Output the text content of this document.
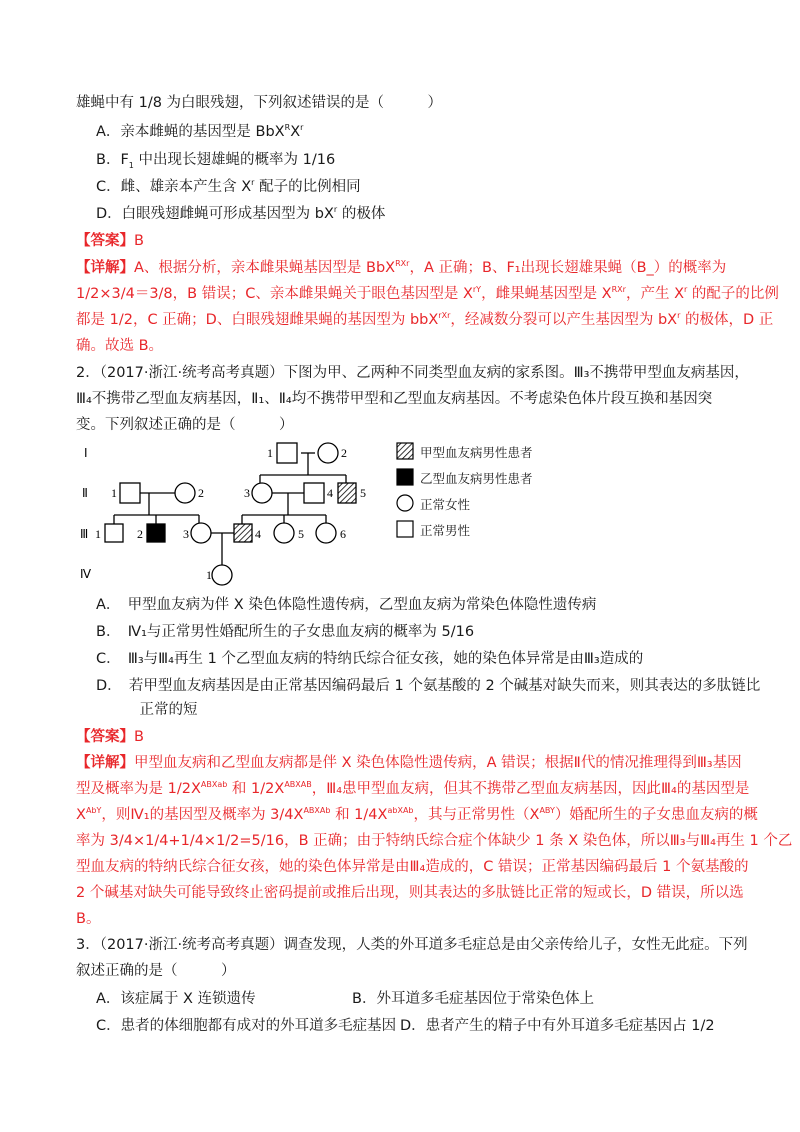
雄蝇中有 1/8 为白眼残翅，下列叙述错误的是（　　　）
A．亲本雌蝇的基因型是 $BbX^RX^r$
B．$F_1$ 中出现长翅雄蝇的概率为 1/16
C．雌、雄亲本产生含 $X^r$ 配子的比例相同
D．白眼残翅雌蝇可形成基因型为 $bX^r$ 的极体
【答案】B
【详解】A、根据分析，亲本雌果蝇基因型是 BbX$^{RXr}$，A 正确；B、F₁出现长翅雄果蝇（B_）的概率为
1/2×3/4＝3/8，B 错误；C、亲本雌果蝇关于眼色基因型是 $X^{rY}$，雌果蝇基因型是 $X^{RXr}$，产生 $X^r$ 的配子的比例
都是 1/2，C 正确；D、白眼残翅雌果蝇的基因型为 bbX$^{rXr}$，经减数分裂可以产生基因型为 $bX^r$ 的极体，D 正
确。故选 B。
2．（2017·浙江·统考高考真题）下图为甲、乙两种不同类型血友病的家系图。Ⅲ₃不携带甲型血友病基因，
Ⅲ₄不携带乙型血友病基因，Ⅱ₁、Ⅱ₄均不携带甲型和乙型血友病基因。不考虑染色体片段互换和基因突
变。下列叙述正确的是（　　　）
Ⅰ
Ⅱ
Ⅲ
Ⅳ
1	2
1	2	3	4 5
1	2	3	4	5	6
1
甲型血友病男性患者
乙型血友病男性患者
正常女性
正常男性
A．　甲型血友病为伴 X 染色体隐性遗传病，乙型血友病为常染色体隐性遗传病
B．　Ⅳ₁与正常男性婚配所生的子女患血友病的概率为 5/16
C．　Ⅲ₃与Ⅲ₄再生 1 个乙型血友病的特纳氏综合征女孩，她的染色体异常是由Ⅲ₃造成的
D．　若甲型血友病基因是由正常基因编码最后 1 个氨基酸的 2 个碱基对缺失而来，则其表达的多肽链比
　　　正常的短
【答案】B
【详解】甲型血友病和乙型血友病都是伴 X 染色体隐性遗传病，A 错误；根据Ⅱ代的情况推理得到Ⅲ₃基因
型及概率为是 $1/2X^{ABXab}$ 和 $1/2X^{ABXAB}$，Ⅲ₄患甲型血友病，但其不携带乙型血友病基因，因此Ⅲ₄的基因型是
$X^{AbY}$，则Ⅳ₁的基因型及概率为 $3/4X^{ABXAb}$ 和 $1/4X^{abXAb}$，其与正常男性$(X^{ABY})$婚配所生的子女患血友病的概
率为 3/4×1/4+1/4×1/2=5/16，B 正确；由于特纳氏综合症个体缺少 1 条 X 染色体，所以Ⅲ₃与Ⅲ₄再生 1 个乙
型血友病的特纳氏综合征女孩，她的染色体异常是由Ⅲ₄造成的，C 错误；正常基因编码最后 1 个氨基酸的
2 个碱基对缺失可能导致终止密码提前或推后出现，则其表达的多肽链比正常的短或长，D 错误，所以选
B。
3．（2017·浙江·统考高考真题）调查发现，人类的外耳道多毛症总是由父亲传给儿子，女性无此症。下列
叙述正确的是（　　　）
A．该症属于 X 连锁遗传	B．外耳道多毛症基因位于常染色体上
C．患者的体细胞都有成对的外耳道多毛症基因 D．患者产生的精子中有外耳道多毛症基因占 1/2
